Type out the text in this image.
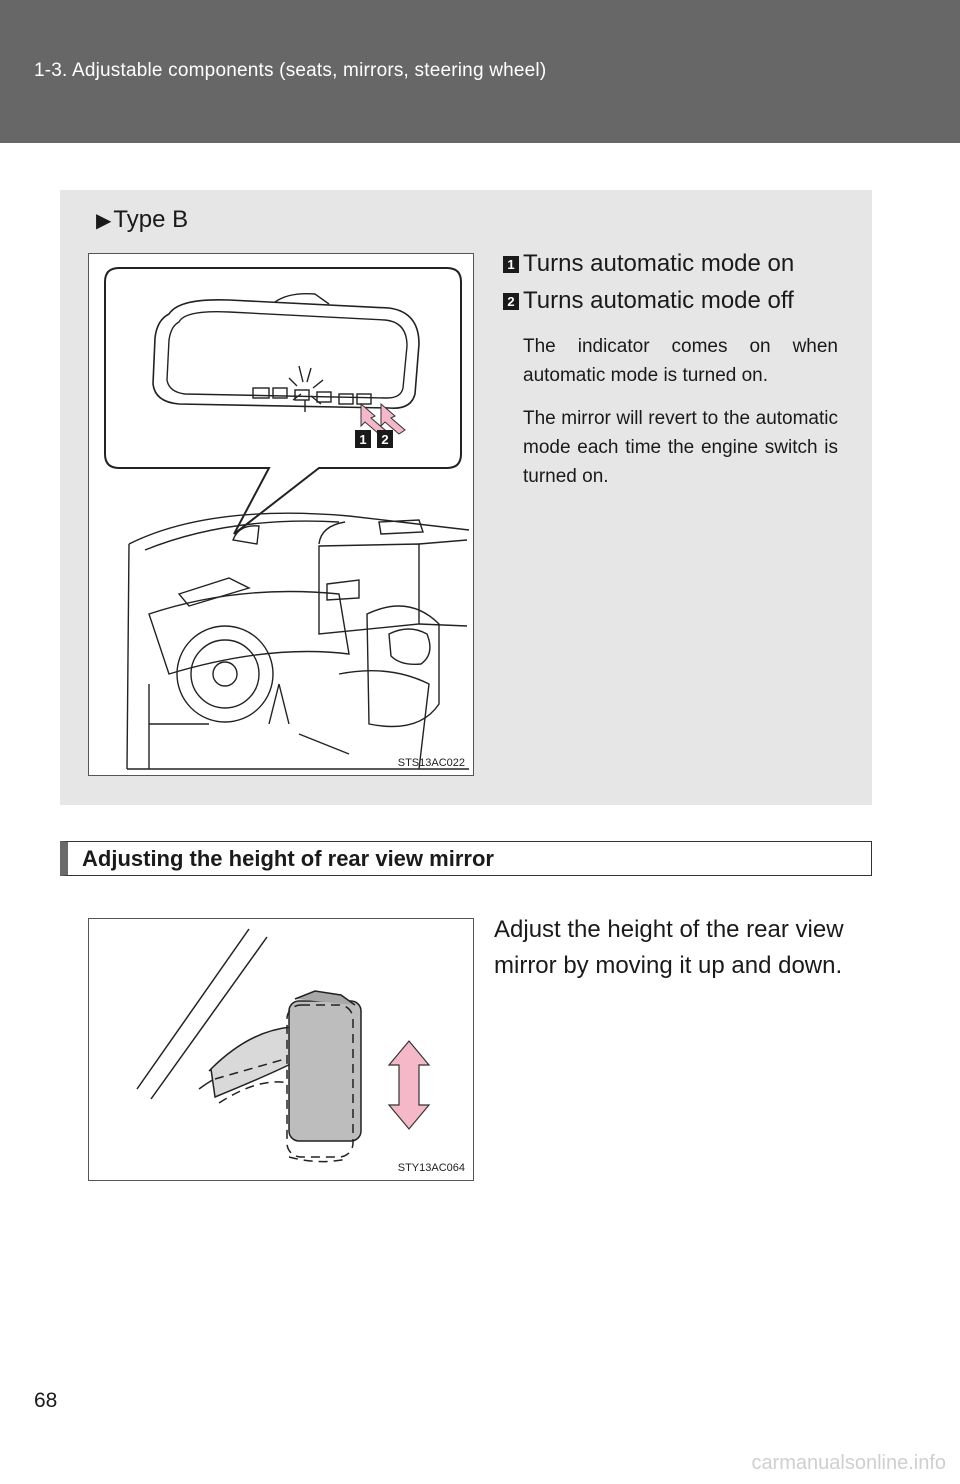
1-3. Adjustable components (seats, mirrors, steering wheel)
▶Type B
1 2
STS13AC022
1 Turns automatic mode on
2 Turns automatic mode off
The indicator comes on when automatic mode is turned on.
The mirror will revert to the automatic mode each time the engine switch is turned on.
Adjusting the height of rear view mirror
STY13AC064
Adjust the height of the rear view mirror by moving it up and down.
68
carmanualsonline.info
